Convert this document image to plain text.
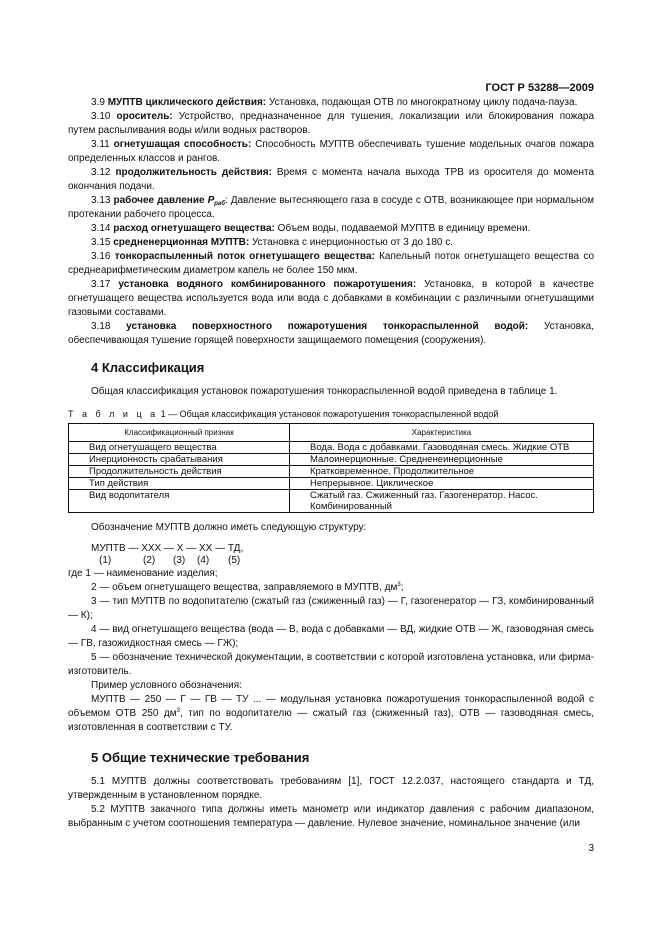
ГОСТ Р 53288—2009

3.9 МУПТВ циклического действия: Установка, подающая ОТВ по многократному циклу подача-пауза.

3.10 ороситель: Устройство, предназначенное для тушения, локализации или блокирования пожара путем распыливания воды и/или водных растворов.

3.11 огнетушащая способность: Способность МУПТВ обеспечивать тушение модельных очагов пожара определенных классов и рангов.

3.12 продолжительность действия: Время с момента начала выхода ТРВ из оросителя до момента окончания подачи.

3.13 рабочее давление $P_{раб}$: Давление вытесняющего газа в сосуде с ОТВ, возникающее при нормальном протекании рабочего процесса.

3.14 расход огнетушащего вещества: Объем воды, подаваемой МУПТВ в единицу времени.

3.15 средненерционная МУПТВ: Установка с инерционностью от 3 до 180 с.

3.16 тонкораспыленный поток огнетушащего вещества: Капельный поток огнетушащего вещества со среднеарифметическим диаметром капель не более 150 мкм.

3.17 установка водяного комбинированного пожаротушения: Установка, в которой в качестве огнетушащего вещества используется вода или вода с добавками в комбинации с различными огнетушащими газовыми составами.

3.18 установка поверхностного пожаротушения тонкораспыленной водой: Установка, обеспечивающая тушение горящей поверхности защищаемого помещения (сооружения).

4 Классификация

Общая классификация установок пожаротушения тонкораспыленной водой приведена в таблице 1.

Т а б л и ц а 1 — Общая классификация установок пожаротушения тонкораспыленной водой

Классификационный признак	Характеристика
Вид огнетушащего вещества	Вода. Вода с добавками. Газоводяная смесь. Жидкие ОТВ
Инерционность срабатывания	Малоинерционные. Средненеинерционные
Продолжительность действия	Кратковременное. Продолжительное
Тип действия	Непрерывное. Циклическое
Вид водопитателя	Сжатый газ. Сжиженный газ. Газогенератор. Насос. Комбинированный

Обозначение МУПТВ должно иметь следующую структуру:

МУПТВ — XXX — X — XX — ТД,
(1)	(2) (3) (4) (5)

где 1 — наименование изделия;

2 — объем огнетушащего вещества, заправляемого в МУПТВ, $дм^3$;

3 — тип МУПТВ по водопитателю (сжатый газ (сжиженный газ) — Г, газогенератор — ГЗ, комбинированный — К);

4 — вид огнетушащего вещества (вода — В, вода с добавками — ВД, жидкие ОТВ — Ж, газоводяная смесь — ГВ, газожидкостная смесь — ГЖ);

5 — обозначение технической документации, в соответствии с которой изготовлена установка, или фирма-изготовитель.

Пример условного обозначения:

МУПТВ — 250 — Г — ГВ — ТУ ... — модульная установка пожаротушения тонкораспыленной водой с объемом ОТВ 250 $дм^3$, тип по водопитателю — сжатый газ (сжиженный газ), ОТВ — газоводяная смесь, изготовленная в соответствии с ТУ.

5 Общие технические требования

5.1 МУПТВ должны соответствовать требованиям [1], ГОСТ 12.2.037, настоящего стандарта и ТД, утвержденным в установленном порядке.

5.2 МУПТВ закачного типа должны иметь манометр или индикатор давления с рабочим диапазоном, выбранным с учетом соотношения температура — давление. Нулевое значение, номинальное значение (или

3
